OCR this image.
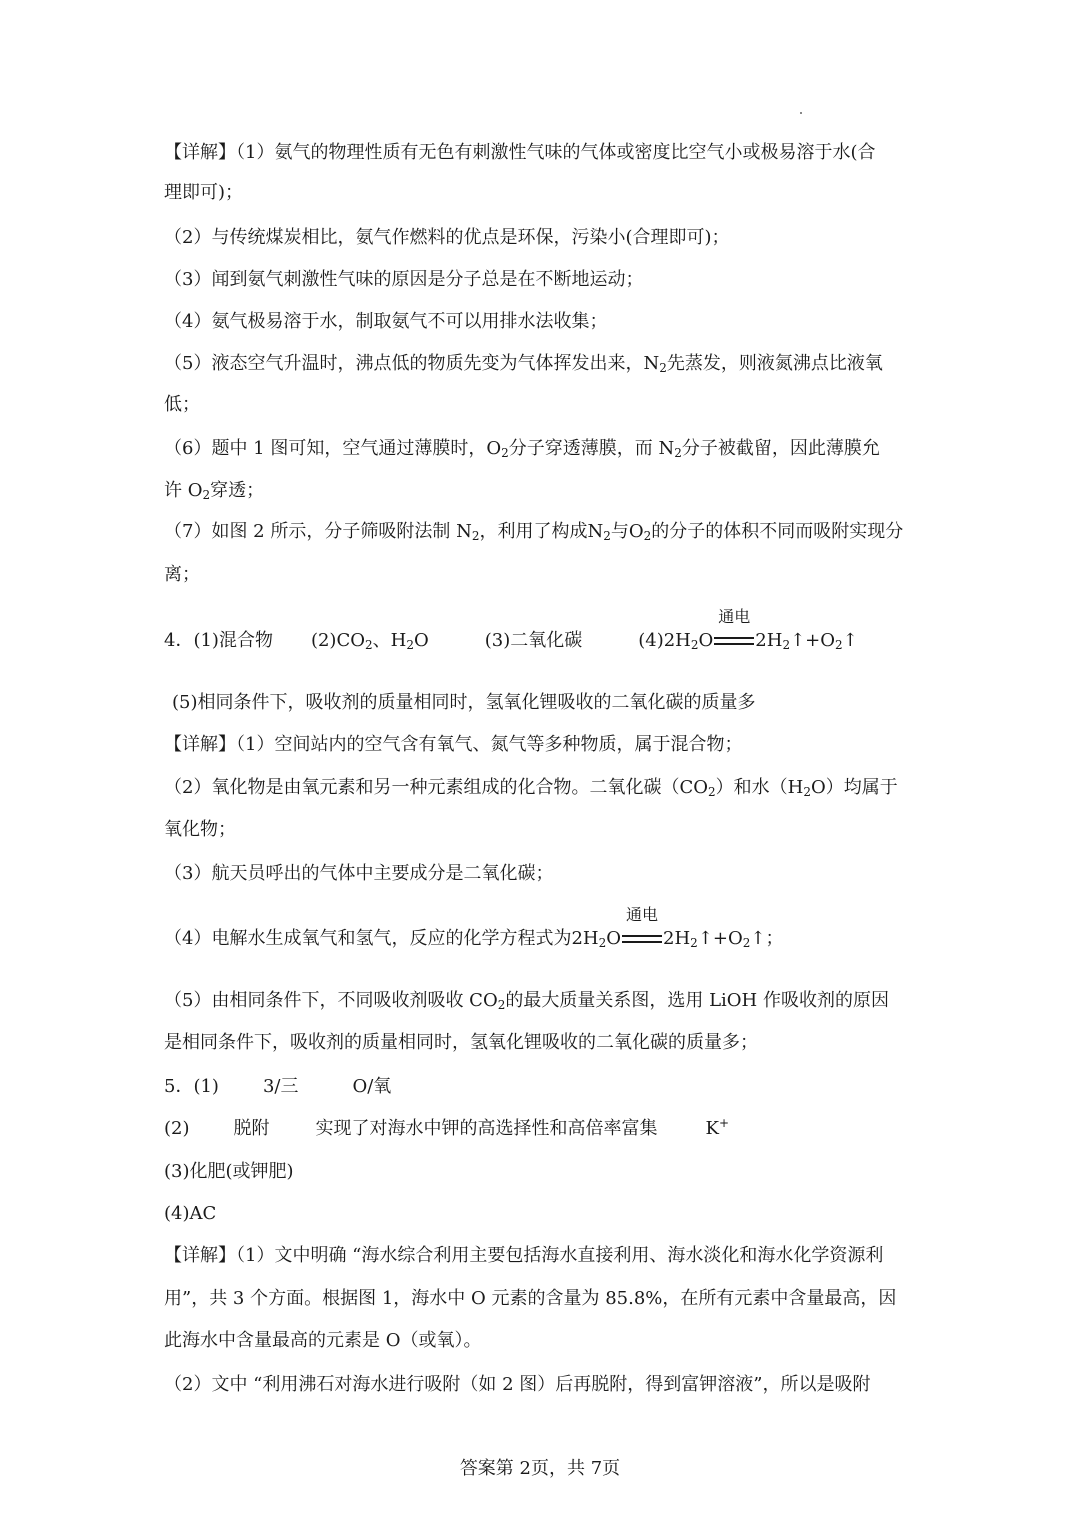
【详解】（1）氨气的物理性质有无色有刺激性气味的气体或密度比空气小或极易溶于水(合
理即可)；
（2）与传统煤炭相比，氨气作燃料的优点是环保，污染小(合理即可)；
（3）闻到氨气刺激性气味的原因是分子总是在不断地运动；
（4）氨气极易溶于水，制取氨气不可以用排水法收集；
（5）液态空气升温时，沸点低的物质先变为气体挥发出来，$N_2$先蒸发，则液氮沸点比液氧
低；
（6）题中 1 图可知，空气通过薄膜时，$O_2$分子穿透薄膜，而 $N_2$分子被截留，因此薄膜允
许 $O_2$穿透；
（7）如图 2 所示，分子筛吸附法制 $N_2$，利用了构成$N_2$与$O_2$的分子的体积不同而吸附实现分
离；
4．(1)混合物 $(2)CO_2$、$H_2O$	(3)二氧化碳	$(4)2H_2O$
通电
$2H_2↑+O_2↑$
(5)相同条件下，吸收剂的质量相同时，氢氧化锂吸收的二氧化碳的质量多
【详解】（1）空间站内的空气含有氧气、氮气等多种物质，属于混合物；
（2）氧化物是由氧元素和另一种元素组成的化合物。二氧化碳$(CO_2)$和水$(H_2O)$均属于
氧化物；
（3）航天员呼出的气体中主要成分是二氧化碳；
（4）电解水生成氧气和氢气，反应的化学方程式为$2H_2O$
通电
$2H_2↑+O_2↑$；
（5）由相同条件下，不同吸收剂吸收 $CO_2$的最大质量关系图，选用 LiOH 作吸收剂的原因
是相同条件下，吸收剂的质量相同时，氢氧化锂吸收的二氧化碳的质量多；
5．(1) 3/三	O/氧
(2) 脱附	实现了对海水中钾的高选择性和高倍率富集	K+
(3)化肥(或钾肥)
(4)AC
【详解】（1）文中明确 “海水综合利用主要包括海水直接利用、海水淡化和海水化学资源利
用”，共 3 个方面。根据图 1，海水中 O 元素的含量为 85.8%，在所有元素中含量最高，因
此海水中含量最高的元素是 O（或氧）。
（2）文中 “利用沸石对海水进行吸附（如 2 图）后再脱附，得到富钾溶液”，所以是吸附
答案第 2页，共 7页
